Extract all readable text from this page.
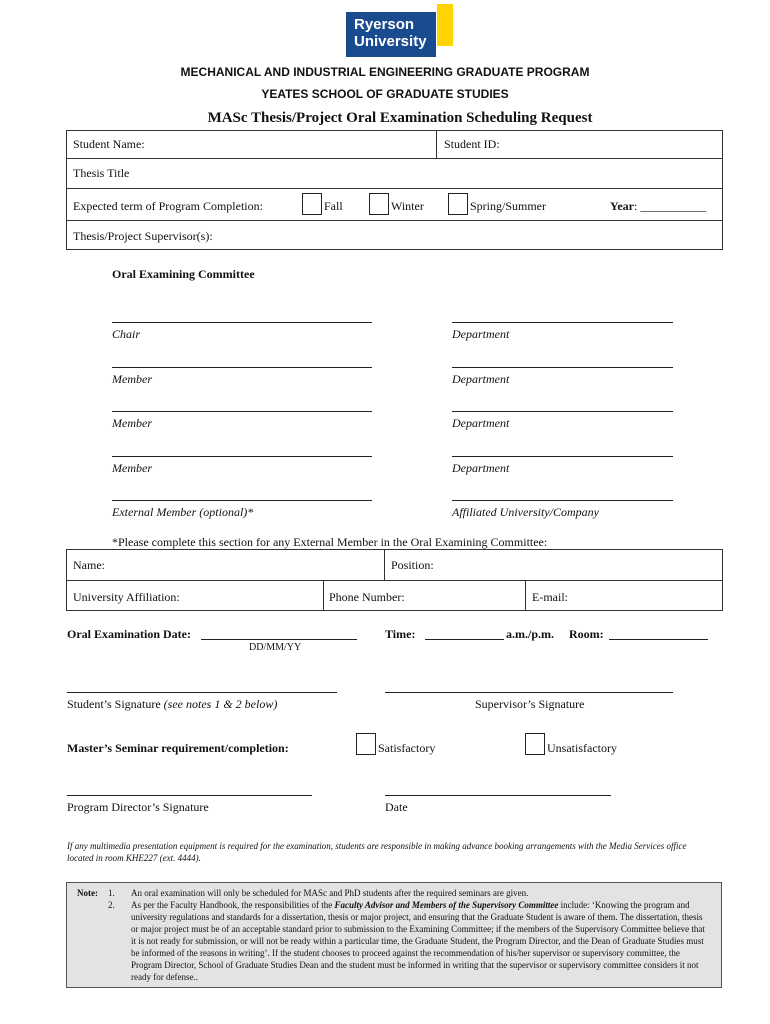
Ryerson
University
MECHANICAL AND INDUSTRIAL ENGINEERING GRADUATE PROGRAM
YEATES SCHOOL OF GRADUATE STUDIES
MASc Thesis/Project Oral Examination Scheduling Request
Student Name:	Student ID:
Thesis Title
Expected term of Program Completion:	Fall	Winter	Spring/Summer	Year: ___________
Thesis/Project Supervisor(s):
Oral Examining Committee
Chair	Department
Member	Department
Member	Department
Member	Department
External Member (optional)*	Affiliated University/Company
*Please complete this section for any External Member in the Oral Examining Committee:
Name:	Position:
University Affiliation:	Phone Number:	E-mail:
Oral Examination Date:
DD/MM/YY
Time:	a.m./p.m. Room:
Student’s Signature (see notes 1 & 2 below)	Supervisor’s Signature
Master’s Seminar requirement/completion:	Satisfactory	Unsatisfactory
Program Director’s Signature	Date
If any multimedia presentation equipment is required for the examination, students are responsible in making advance booking arrangements with the Media Services office located in room KHE227 (ext. 4444).
Note: 1.
2.
An oral examination will only be scheduled for MASc and PhD students after the required seminars are given.
As per the Faculty Handbook, the responsibilities of the Faculty Advisor and Members of the Supervisory Committee include: ‘Knowing the program and university regulations and standards for a dissertation, thesis or major project, and ensuring that the Graduate Student is aware of them. The dissertation, thesis or major project must be of an acceptable standard prior to submission to the Examining Committee; if the members of the Supervisory Committee believe that it is not ready for submission, or will not be ready within a particular time, the Graduate Student, the Program Director, and the Dean of Graduate Studies must be informed of the reasons in writing’. If the student chooses to proceed against the recommendation of his/her supervisor or supervisory committee, the Program Director, School of Graduate Studies Dean and the student must be informed in writing that the supervisor or supervisory committee considers it not ready for defense..
